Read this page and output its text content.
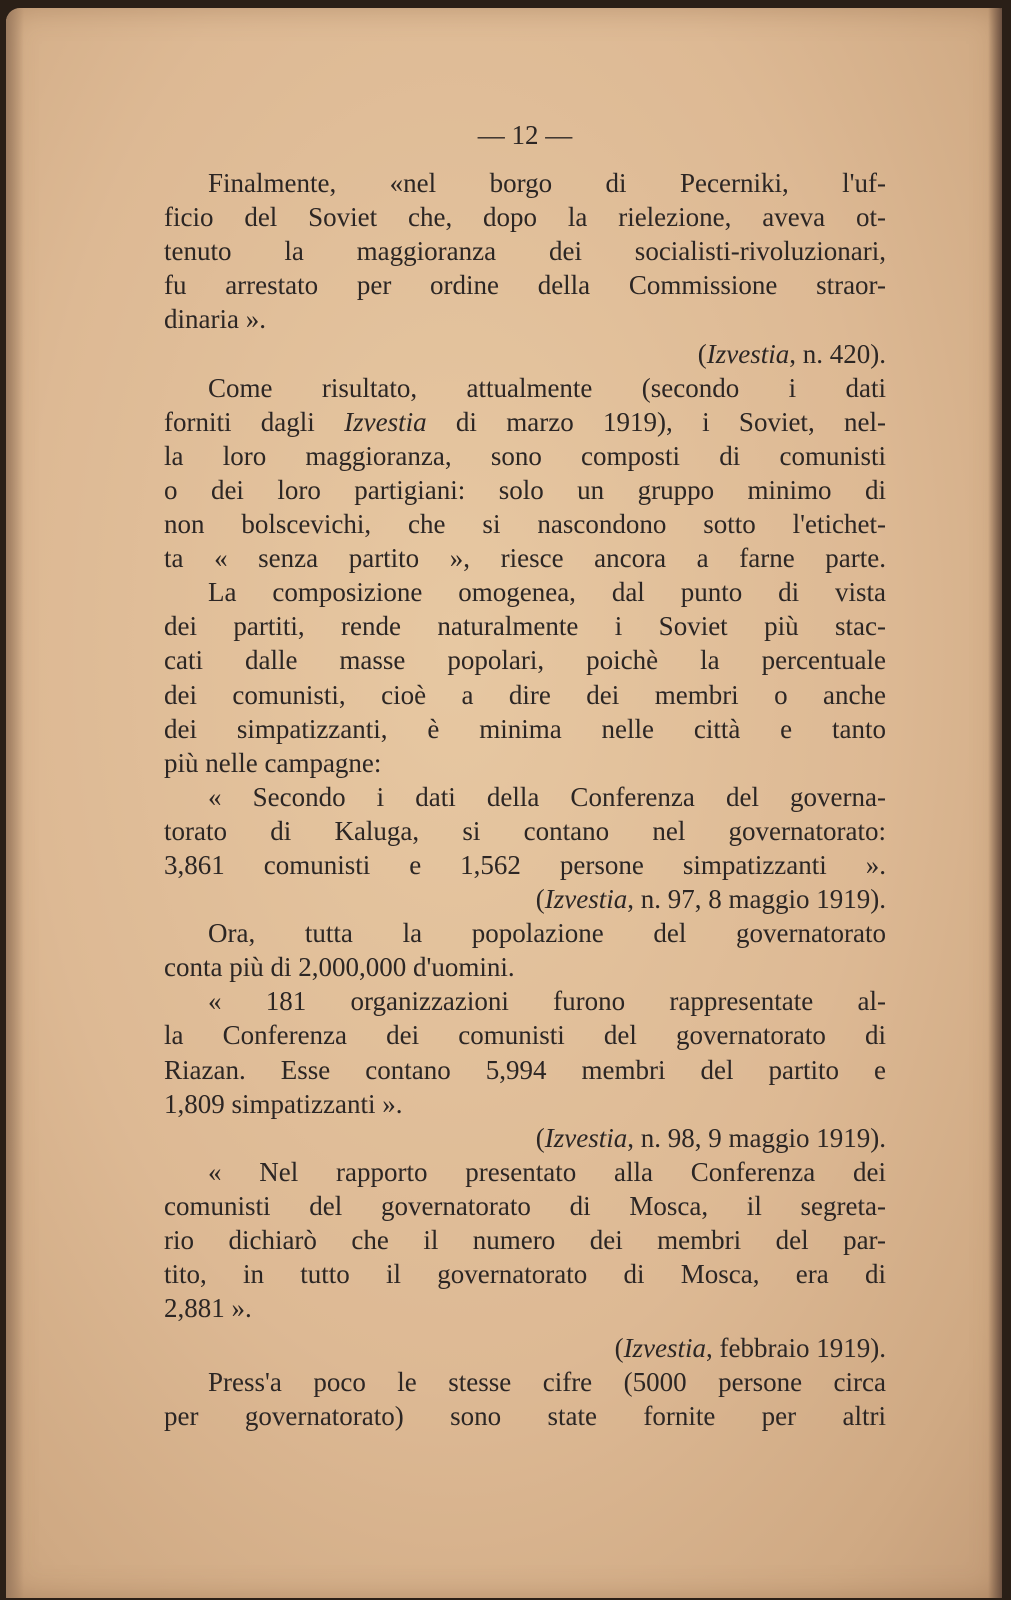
— 12 —
Finalmente, «nel borgo di Pecerniki, l'uf-
ficio del Soviet che, dopo la rielezione, aveva ot-
tenuto la maggioranza dei socialisti-rivoluzionari,
fu arrestato per ordine della Commissione straor-
dinaria ».
(Izvestia, n. 420).
Come risultato, attualmente (secondo i dati
forniti dagli Izvestia di marzo 1919), i Soviet, nel-
la loro maggioranza, sono composti di comunisti
o dei loro partigiani: solo un gruppo minimo di
non bolscevichi, che si nascondono sotto l'etichet-
ta « senza partito », riesce ancora a farne parte.
La composizione omogenea, dal punto di vista
dei partiti, rende naturalmente i Soviet più stac-
cati dalle masse popolari, poichè la percentuale
dei comunisti, cioè a dire dei membri o anche
dei simpatizzanti, è minima nelle città e tanto
più nelle campagne:
« Secondo i dati della Conferenza del governa-
torato di Kaluga, si contano nel governatorato:
3,861 comunisti e 1,562 persone simpatizzanti ».
(Izvestia, n. 97, 8 maggio 1919).
Ora, tutta la popolazione del governatorato
conta più di 2,000,000 d'uomini.
« 181 organizzazioni furono rappresentate al-
la Conferenza dei comunisti del governatorato di
Riazan. Esse contano 5,994 membri del partito e
1,809 simpatizzanti ».
(Izvestia, n. 98, 9 maggio 1919).
« Nel rapporto presentato alla Conferenza dei
comunisti del governatorato di Mosca, il segreta-
rio dichiarò che il numero dei membri del par-
tito, in tutto il governatorato di Mosca, era di
2,881 ».
(Izvestia, febbraio 1919).
Press'a poco le stesse cifre (5000 persone circa
per governatorato) sono state fornite per altri
